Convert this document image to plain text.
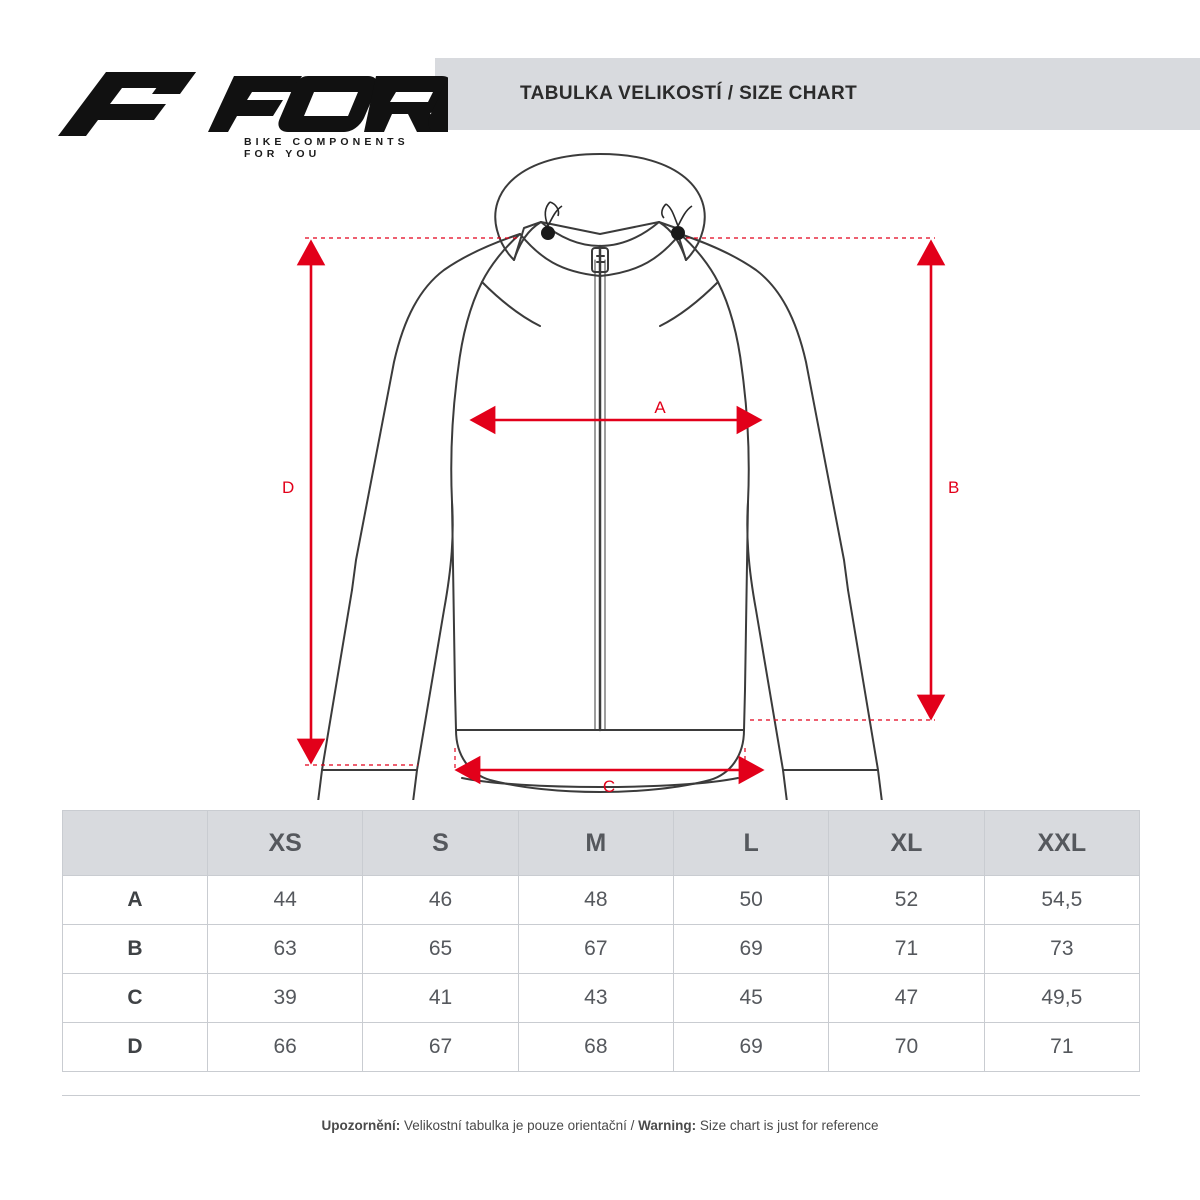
TABULKA VELIKOSTÍ / SIZE CHART
BIKE COMPONENTS FOR YOU
A
B
C
D
	XS	S	M	L	XL	XXL
A	44	46	48	50	52	54,5
B	63	65	67	69	71	73
C	39	41	43	45	47	49,5
D	66	67	68	69	70	71
Upozornění: Velikostní tabulka je pouze orientační / Warning: Size chart is just for reference
